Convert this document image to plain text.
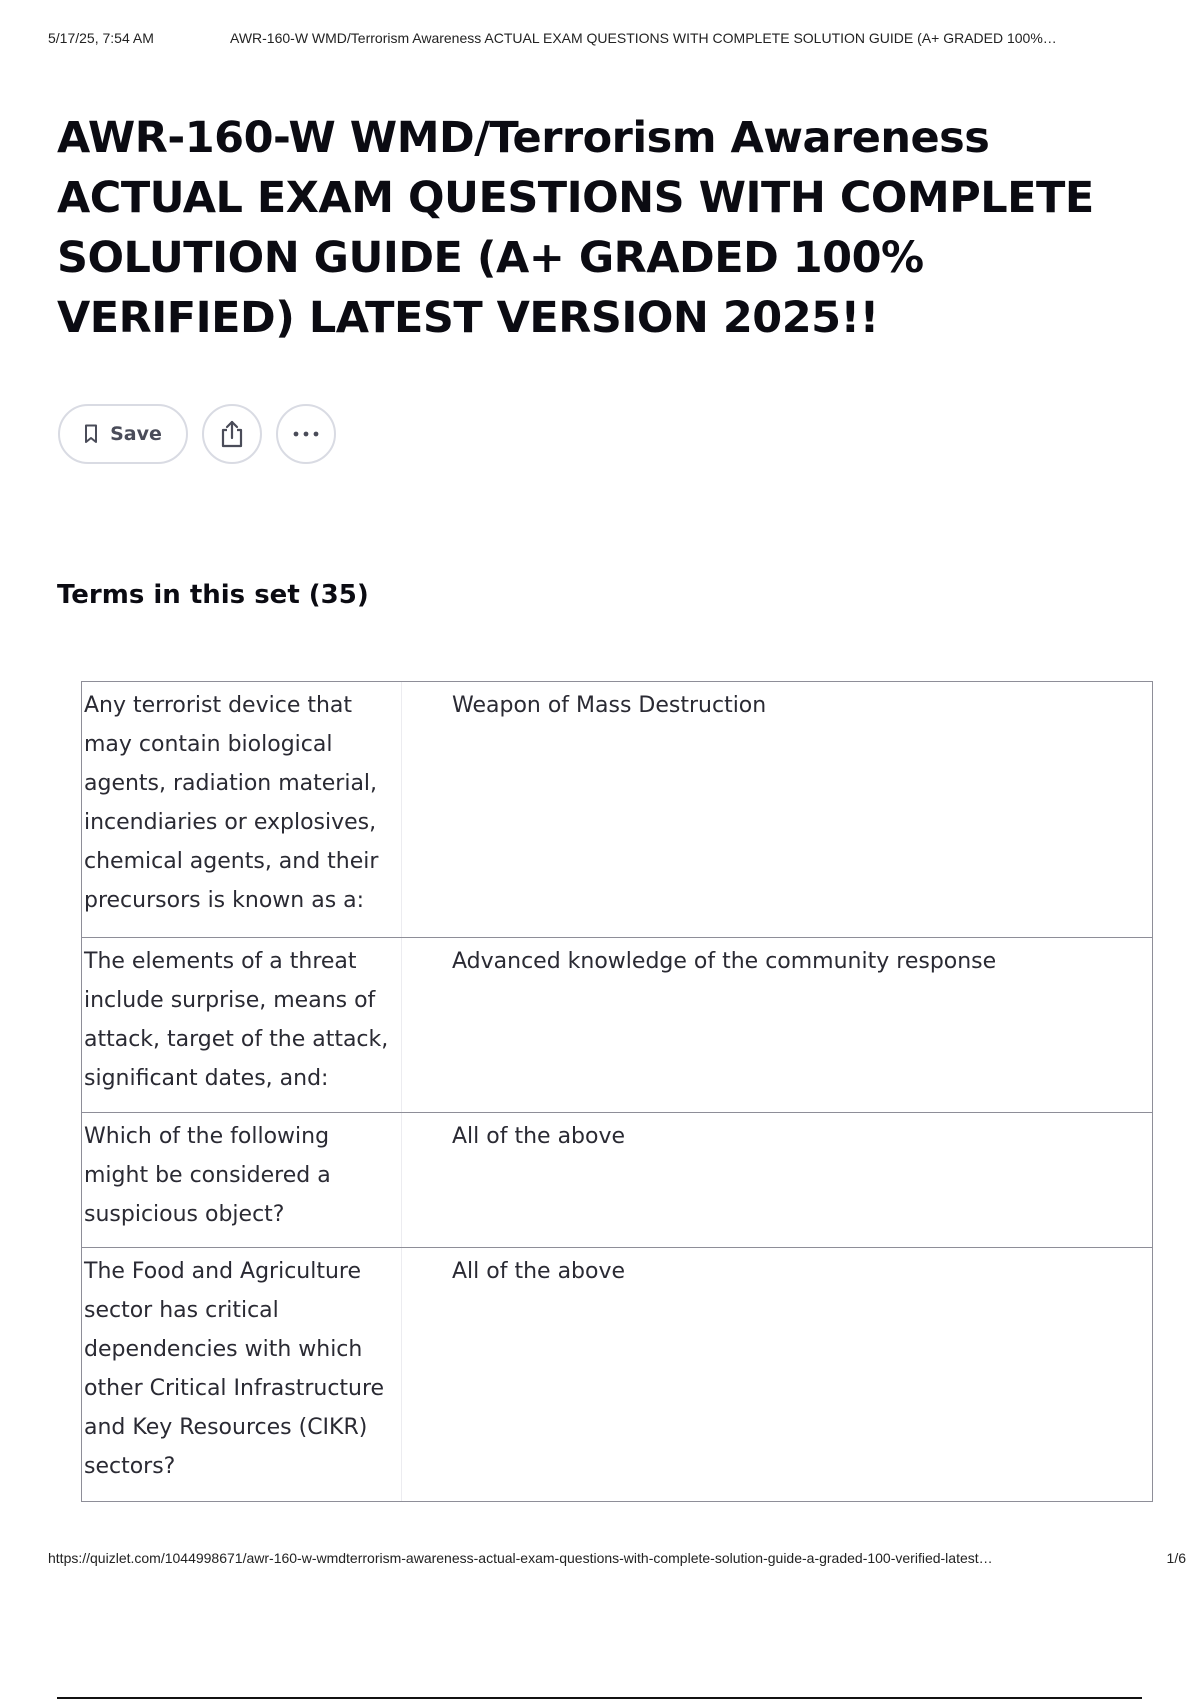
5/17/25, 7:54 AM	AWR-160-W WMD/Terrorism Awareness ACTUAL EXAM QUESTIONS WITH COMPLETE SOLUTION GUIDE (A+ GRADED 100%…
AWR-160-W WMD/Terrorism Awareness ACTUAL EXAM QUESTIONS WITH COMPLETE SOLUTION GUIDE (A+ GRADED 100% VERIFIED) LATEST VERSION 2025!!
Save
Terms in this set (35)
Any terrorist device that may contain biological agents, radiation material, incendiaries or explosives, chemical agents, and their precursors is known as a:
Weapon of Mass Destruction
The elements of a threat include surprise, means of attack, target of the attack, significant dates, and:
Advanced knowledge of the community response
Which of the following might be considered a suspicious object?
All of the above
The Food and Agriculture sector has critical dependencies with which other Critical Infrastructure and Key Resources (CIKR) sectors?
All of the above
https://quizlet.com/1044998671/awr-160-w-wmdterrorism-awareness-actual-exam-questions-with-complete-solution-guide-a-graded-100-verified-latest…	1/6
